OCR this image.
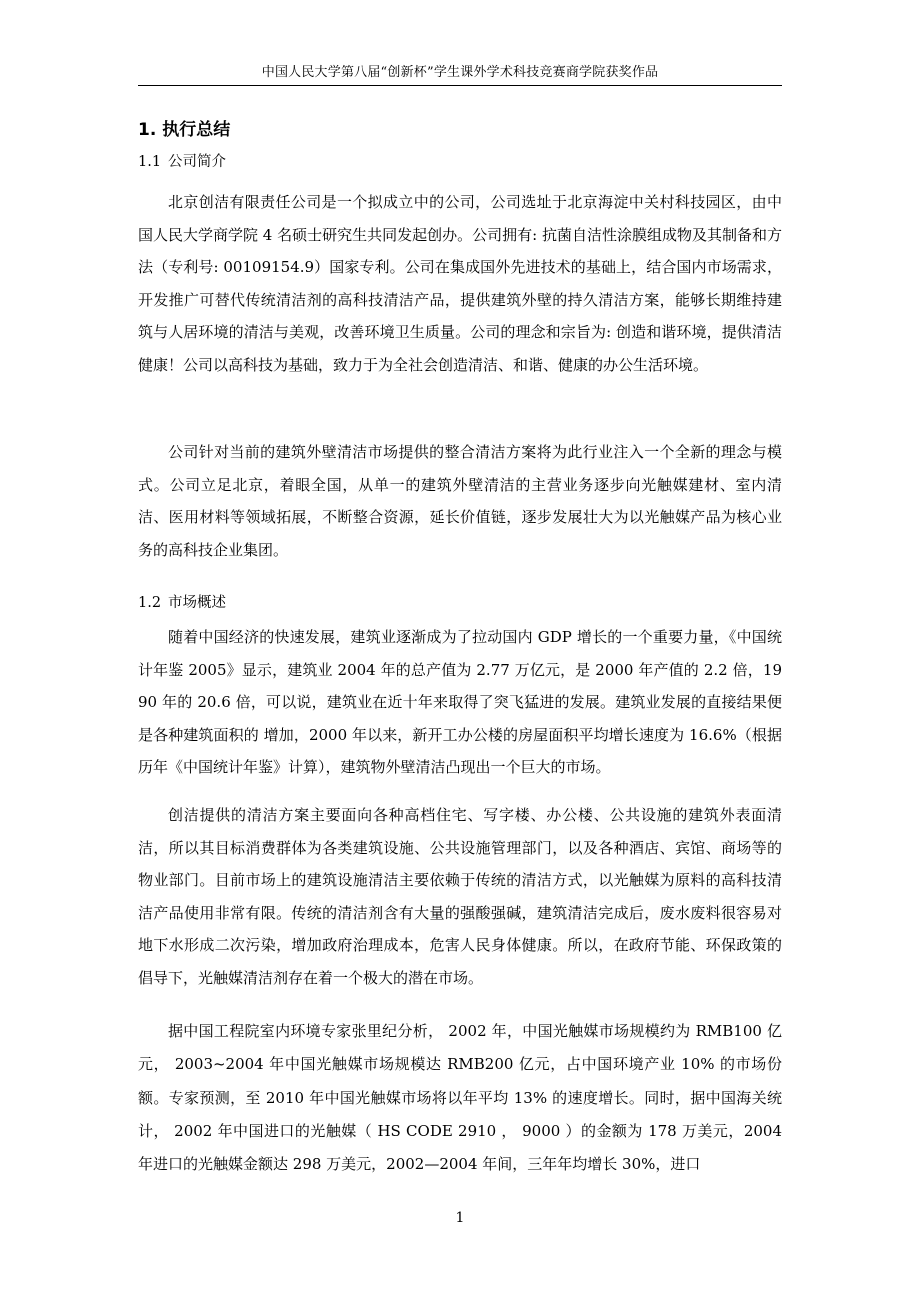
中国人民大学第八届“创新杯”学生课外学术科技竞赛商学院获奖作品
1. 执行总结
1.1 公司简介

北京创洁有限责任公司是一个拟成立中的公司，公司选址于北京海淀中关村科技园区，由中国人民大学商学院 4 名硕士研究生共同发起创办。公司拥有: 抗菌自洁性涂膜组成物及其制备和方法（专利号: 00109154.9）国家专利。公司在集成国外先进技术的基础上，结合国内市场需求，开发推广可替代传统清洁剂的高科技清洁产品，提供建筑外壁的持久清洁方案，能够长期维持建筑与人居环境的清洁与美观，改善环境卫生质量。公司的理念和宗旨为: 创造和谐环境，提供清洁健康！公司以高科技为基础，致力于为全社会创造清洁、和谐、健康的办公生活环境。

公司针对当前的建筑外壁清洁市场提供的整合清洁方案将为此行业注入一个全新的理念与模式。公司立足北京，着眼全国，从单一的建筑外壁清洁的主营业务逐步向光触媒建材、室内清洁、医用材料等领域拓展，不断整合资源，延长价值链，逐步发展壮大为以光触媒产品为核心业务的高科技企业集团。

1.2 市场概述

随着中国经济的快速发展，建筑业逐渐成为了拉动国内 GDP 增长的一个重要力量，《中国统计年鉴 2005》显示，建筑业 2004 年的总产值为 2.77 万亿元，是 2000 年产值的 2.2 倍，1990 年的 20.6 倍，可以说，建筑业在近十年来取得了突飞猛进的发展。建筑业发展的直接结果便是各种建筑面积的 增加，2000 年以来，新开工办公楼的房屋面积平均增长速度为 16.6%（根据历年《中国统计年鉴》计算），建筑物外壁清洁凸现出一个巨大的市场。

创洁提供的清洁方案主要面向各种高档住宅、写字楼、办公楼、公共设施的建筑外表面清洁，所以其目标消费群体为各类建筑设施、公共设施管理部门，以及各种酒店、宾馆、商场等的物业部门。目前市场上的建筑设施清洁主要依赖于传统的清洁方式，以光触媒为原料的高科技清洁产品使用非常有限。传统的清洁剂含有大量的强酸强碱，建筑清洁完成后，废水废料很容易对地下水形成二次污染，增加政府治理成本，危害人民身体健康。所以，在政府节能、环保政策的倡导下，光触媒清洁剂存在着一个极大的潜在市场。

据中国工程院室内环境专家张里纪分析， 2002 年，中国光触媒市场规模约为 RMB100 亿元， 2003~2004 年中国光触媒市场规模达 RMB200 亿元，占中国环境产业 10% 的市场份额。专家预测，至 2010 年中国光触媒市场将以年平均 13% 的速度增长。同时，据中国海关统计， 2002 年中国进口的光触媒（ HS CODE 2910 ， 9000 ）的金额为 178 万美元，2004 年进口的光触媒金额达 298 万美元，2002—2004 年间，三年年均增长 30%，进口

1
